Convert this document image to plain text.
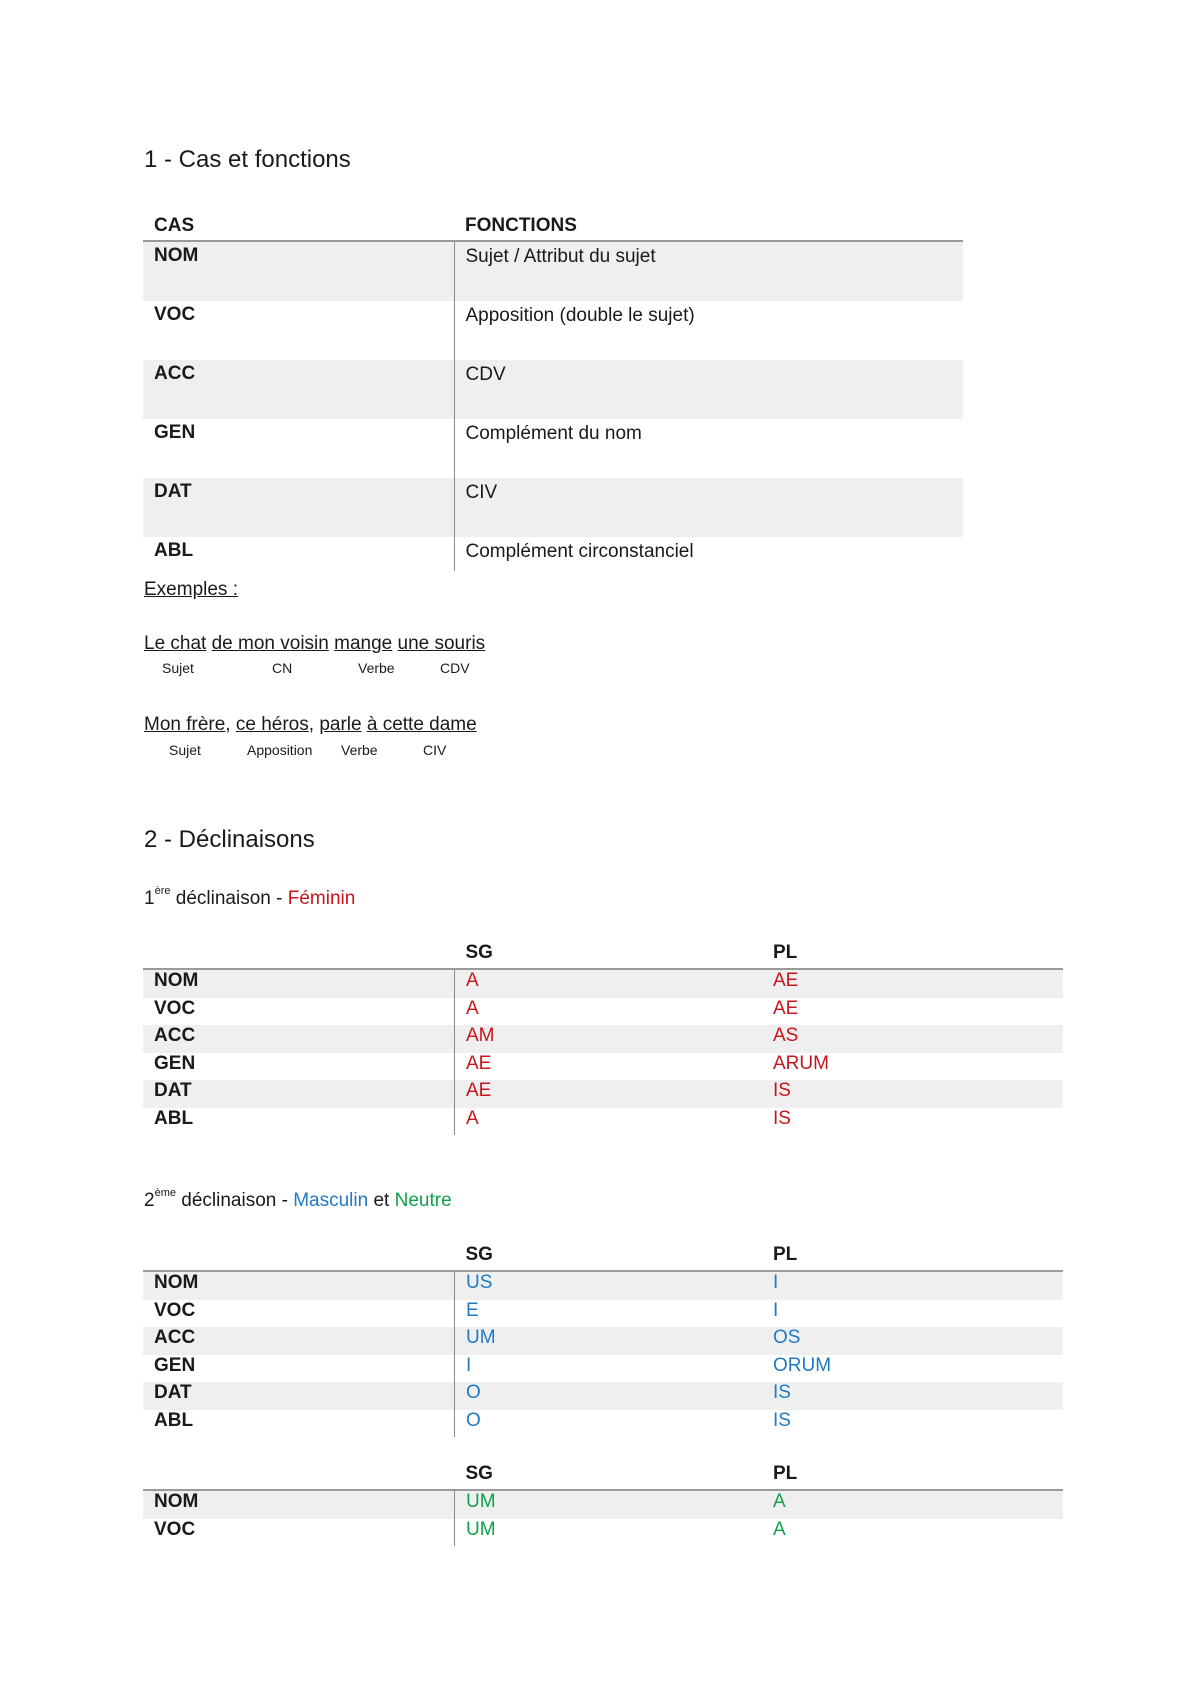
1 - Cas et fonctions
CAS	FONCTIONS
NOM	Sujet / Attribut du sujet
VOC	Apposition (double le sujet)
ACC	CDV
GEN	Complément du nom
DAT	CIV
ABL	Complément circonstanciel
Exemples :
Le chat de mon voisin mange une souris
Sujet	CN	Verbe	CDV
Mon frère, ce héros, parle à cette dame
Sujet	Apposition Verbe	CIV
2 - Déclinaisons
1ère déclinaison - Féminin
	SG	PL
NOM	A	AE
VOC	A	AE
ACC	AM	AS
GEN	AE	ARUM
DAT	AE	IS
ABL	A	IS
2ème déclinaison - Masculin et Neutre
	SG	PL
NOM	US	I
VOC	E	I
ACC	UM	OS
GEN	I	ORUM
DAT	O	IS
ABL	O	IS
	SG	PL
NOM	UM	A
VOC	UM	A
